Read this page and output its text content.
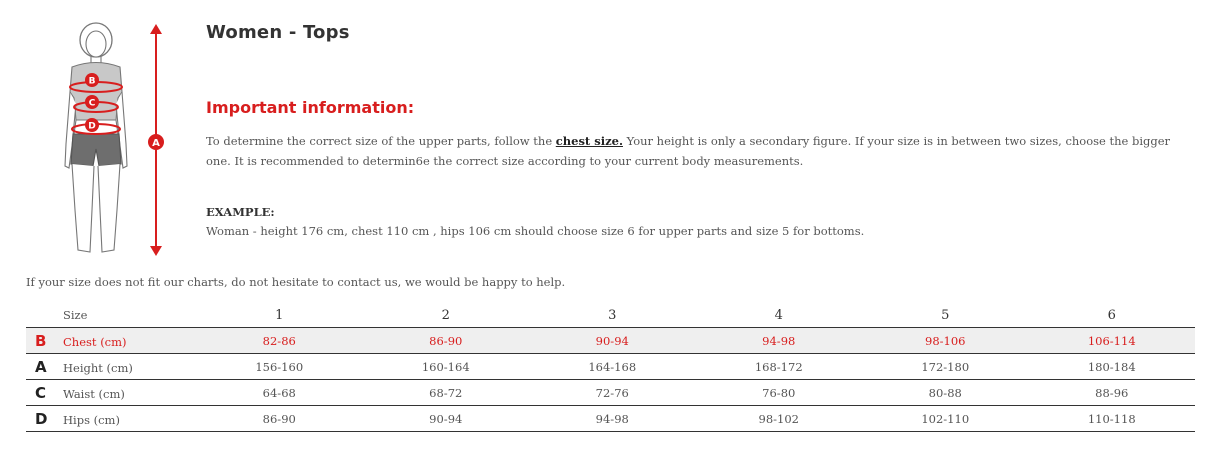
B
C
D
A
Women - Tops
Important information:
To determine the correct size of the upper parts, follow the chest size. Your height is only a secondary figure. If your size is in between two sizes, choose the bigger one. It is recommended to determin6e the correct size according to your current body measurements.
EXAMPLE:
Woman - height 176 cm, chest 110 cm , hips 106 cm should choose size 6 for upper parts and size 5 for bottoms.
If your size does not fit our charts, do not hesitate to contact us, we would be happy to help.
Size	1	2	3	4	5	6
B Chest (cm)	82-86	86-90	90-94	94-98	98-106	106-114
A Height (cm)	156-160	160-164	164-168	168-172	172-180	180-184
C Waist (cm)	64-68	68-72	72-76	76-80	80-88	88-96
D Hips (cm)	86-90	90-94	94-98	98-102	102-110	110-118
